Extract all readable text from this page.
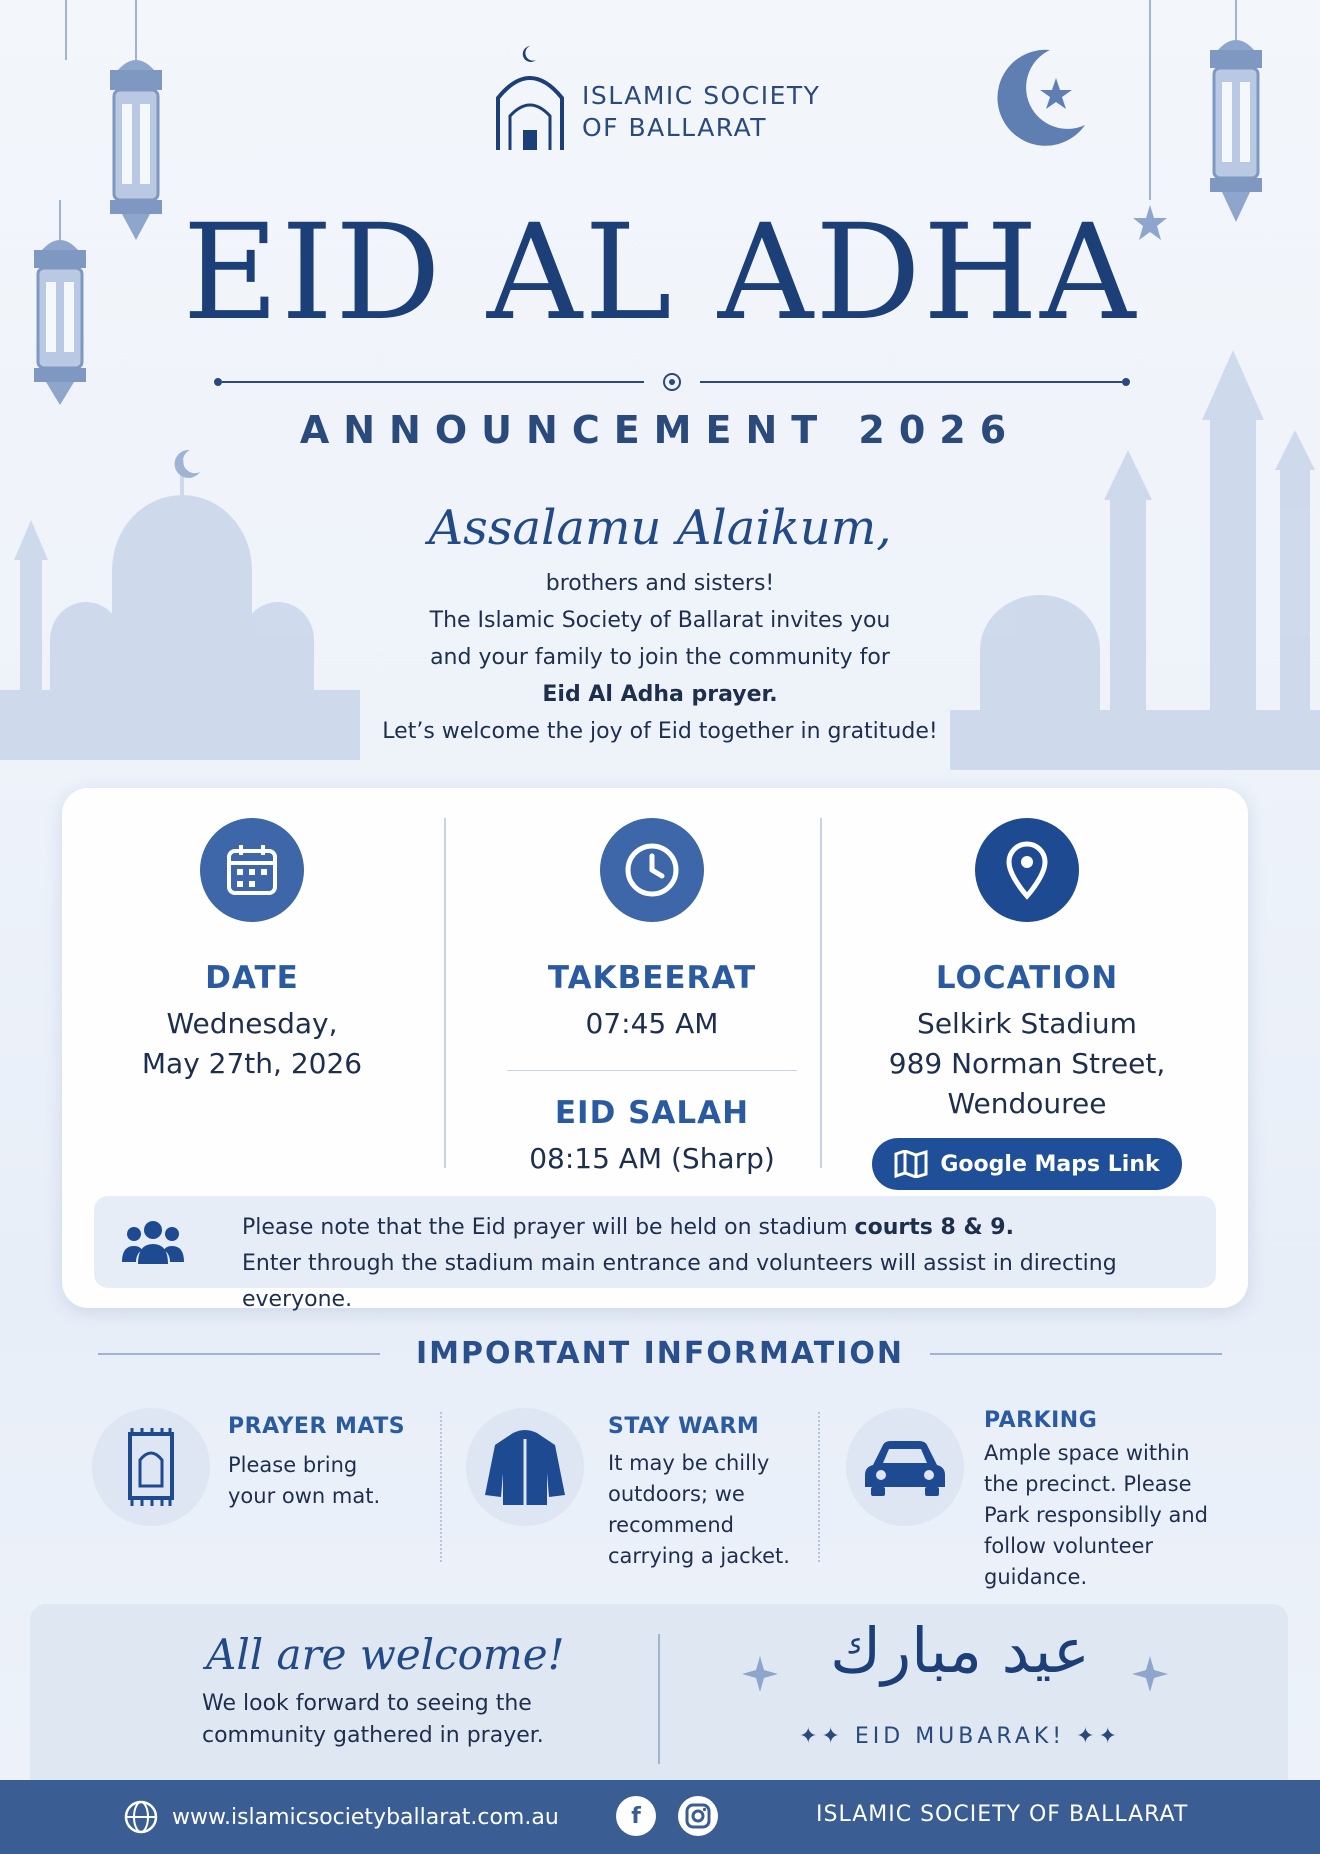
ISLAMIC SOCIETY
OF BALLARAT
EID AL ADHA
ANNOUNCEMENT 2026
Assalamu Alaikum,
brothers and sisters!
The Islamic Society of Ballarat invites you
and your family to join the community for
Eid Al Adha prayer.
Let’s welcome the joy of Eid together in gratitude!
DATE
Wednesday,
May 27th, 2026
TAKBEERAT
07:45 AM
EID SALAH
08:15 AM (Sharp)
LOCATION
Selkirk Stadium
989 Norman Street,
Wendouree
Google Maps Link
Please note that the Eid prayer will be held on stadium courts 8 & 9.
Enter through the stadium main entrance and volunteers will assist in directing everyone.
IMPORTANT INFORMATION
PRAYER MATS
Please bring
your own mat.
STAY WARM
It may be chilly
outdoors; we
recommend
carrying a jacket.
PARKING
Ample space within
the precinct. Please
Park responsiblly and
follow volunteer
guidance.
All are welcome!
We look forward to seeing the
community gathered in prayer.
عيد مبارك
✦✦ EID MUBARAK! ✦✦
www.islamicsocietyballarat.com.au	f	ISLAMIC SOCIETY OF BALLARAT
